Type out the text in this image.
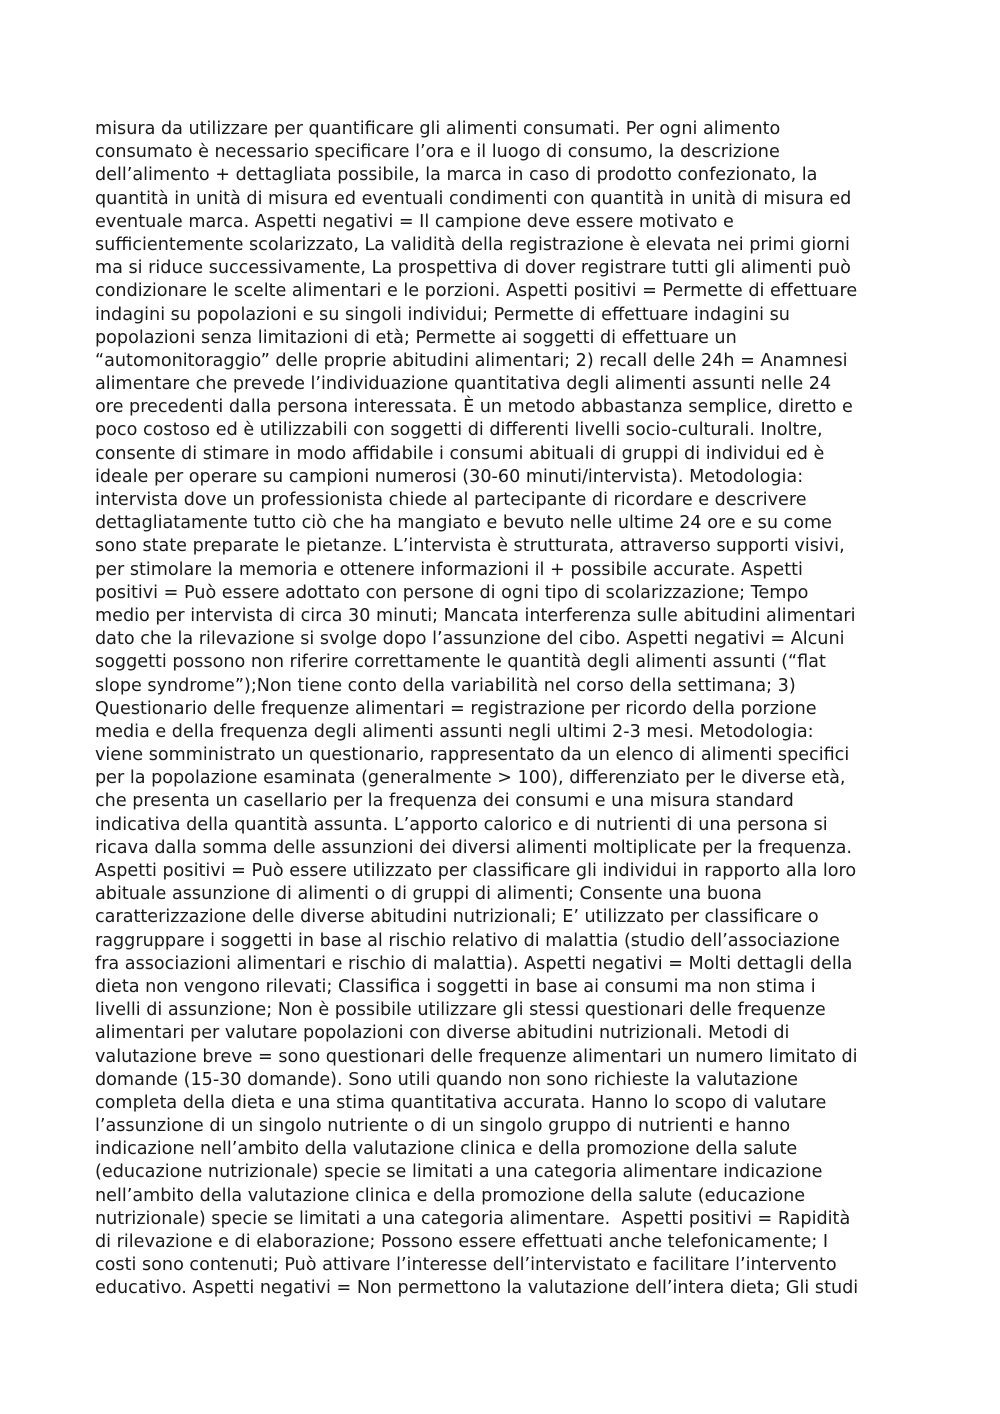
misura da utilizzare per quantificare gli alimenti consumati. Per ogni alimento
consumato è necessario specificare l’ora e il luogo di consumo, la descrizione
dell’alimento + dettagliata possibile, la marca in caso di prodotto confezionato, la
quantità in unità di misura ed eventuali condimenti con quantità in unità di misura ed
eventuale marca. Aspetti negativi = Il campione deve essere motivato e
sufficientemente scolarizzato, La validità della registrazione è elevata nei primi giorni
ma si riduce successivamente, La prospettiva di dover registrare tutti gli alimenti può
condizionare le scelte alimentari e le porzioni. Aspetti positivi = Permette di effettuare
indagini su popolazioni e su singoli individui; Permette di effettuare indagini su
popolazioni senza limitazioni di età; Permette ai soggetti di effettuare un
“automonitoraggio” delle proprie abitudini alimentari; 2) recall delle 24h = Anamnesi
alimentare che prevede l’individuazione quantitativa degli alimenti assunti nelle 24
ore precedenti dalla persona interessata. È un metodo abbastanza semplice, diretto e
poco costoso ed è utilizzabili con soggetti di differenti livelli socio-culturali. Inoltre,
consente di stimare in modo affidabile i consumi abituali di gruppi di individui ed è
ideale per operare su campioni numerosi (30-60 minuti/intervista). Metodologia:
intervista dove un professionista chiede al partecipante di ricordare e descrivere
dettagliatamente tutto ciò che ha mangiato e bevuto nelle ultime 24 ore e su come
sono state preparate le pietanze. L’intervista è strutturata, attraverso supporti visivi,
per stimolare la memoria e ottenere informazioni il + possibile accurate. Aspetti
positivi = Può essere adottato con persone di ogni tipo di scolarizzazione; Tempo
medio per intervista di circa 30 minuti; Mancata interferenza sulle abitudini alimentari
dato che la rilevazione si svolge dopo l’assunzione del cibo. Aspetti negativi = Alcuni
soggetti possono non riferire correttamente le quantità degli alimenti assunti (“flat
slope syndrome”);Non tiene conto della variabilità nel corso della settimana; 3)
Questionario delle frequenze alimentari = registrazione per ricordo della porzione
media e della frequenza degli alimenti assunti negli ultimi 2-3 mesi. Metodologia:
viene somministrato un questionario, rappresentato da un elenco di alimenti specifici
per la popolazione esaminata (generalmente > 100), differenziato per le diverse età,
che presenta un casellario per la frequenza dei consumi e una misura standard
indicativa della quantità assunta. L’apporto calorico e di nutrienti di una persona si
ricava dalla somma delle assunzioni dei diversi alimenti moltiplicate per la frequenza.
Aspetti positivi = Può essere utilizzato per classificare gli individui in rapporto alla loro
abituale assunzione di alimenti o di gruppi di alimenti; Consente una buona
caratterizzazione delle diverse abitudini nutrizionali; E’ utilizzato per classificare o
raggruppare i soggetti in base al rischio relativo di malattia (studio dell’associazione
fra associazioni alimentari e rischio di malattia). Aspetti negativi = Molti dettagli della
dieta non vengono rilevati; Classifica i soggetti in base ai consumi ma non stima i
livelli di assunzione; Non è possibile utilizzare gli stessi questionari delle frequenze
alimentari per valutare popolazioni con diverse abitudini nutrizionali. Metodi di
valutazione breve = sono questionari delle frequenze alimentari un numero limitato di
domande (15-30 domande). Sono utili quando non sono richieste la valutazione
completa della dieta e una stima quantitativa accurata. Hanno lo scopo di valutare
l’assunzione di un singolo nutriente o di un singolo gruppo di nutrienti e hanno
indicazione nell’ambito della valutazione clinica e della promozione della salute
(educazione nutrizionale) specie se limitati a una categoria alimentare indicazione
nell’ambito della valutazione clinica e della promozione della salute (educazione
nutrizionale) specie se limitati a una categoria alimentare.  Aspetti positivi = Rapidità
di rilevazione e di elaborazione; Possono essere effettuati anche telefonicamente; I
costi sono contenuti; Può attivare l’interesse dell’intervistato e facilitare l’intervento
educativo. Aspetti negativi = Non permettono la valutazione dell’intera dieta; Gli studi
